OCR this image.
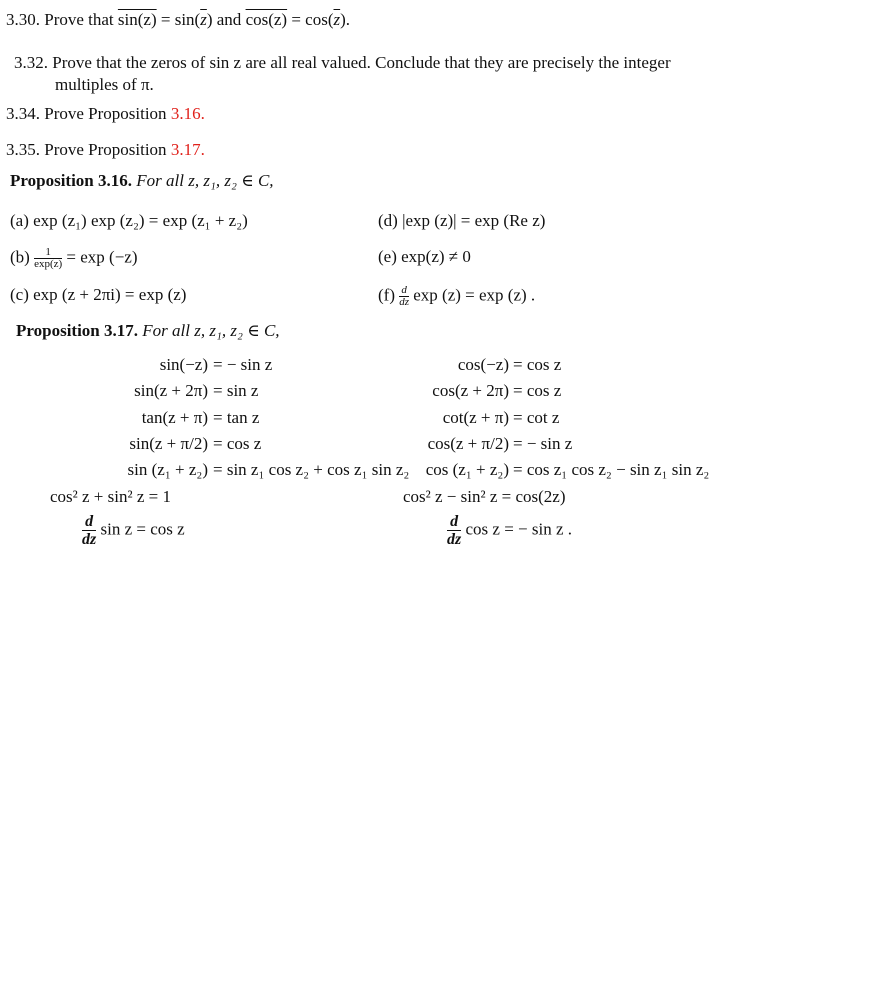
3.30. Prove that $\sin(z) = \sin(\overline{z})$ and $\cos(z) = \cos(\overline{z})$.
3.32. Prove that the zeros of sin z are all real valued. Conclude that they are precisely the integer
multiples of π.
3.34. Prove Proposition 3.16.
3.35. Prove Proposition 3.17.
Proposition 3.16. For all z, z₁, z₂ ∈ C,
(a) exp (z₁) exp (z₂) = exp (z₁ + z₂)
$(b) \frac{1}{\exp(z)} = \exp (-z)$
(c) exp (z + 2πi) = exp (z)
(d) |exp (z)| = exp (Re z)
(e) exp(z) ≠ 0
$(f) \frac{d}{dz}$ exp (z) = exp (z) .
Proposition 3.17. For all z, z₁, z₂ ∈ C,
sin(−z) = − sin z
sin(z + 2π) = sin z
tan(z + π) = tan z
sin(z + π/2) = cos z
sin (z₁ + z₂) = sin z₁ cos z₂ + cos z₁ sin z₂
cos² z + sin² z = 1
$\frac{d}{dz}$ sin z = cos z
cos(−z) = cos z
cos(z + 2π) = cos z
cot(z + π) = cot z
cos(z + π/2) = − sin z
cos (z₁ + z₂) = cos z₁ cos z₂ − sin z₁ sin z₂
cos² z − sin² z = cos(2z)
$\frac{d}{dz}$ cos z = − sin z .
